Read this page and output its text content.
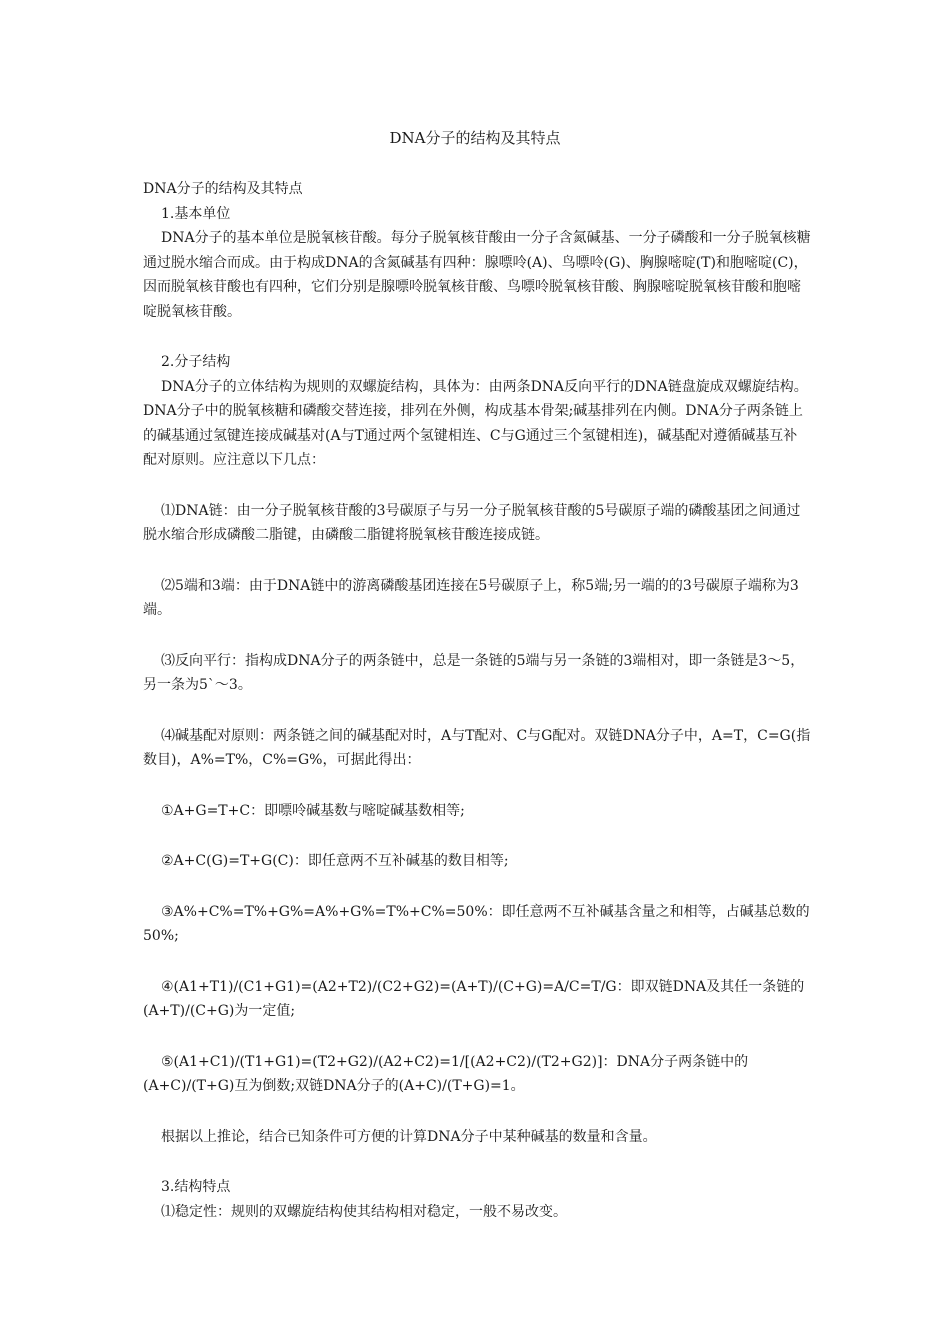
DNA分子的结构及其特点

DNA分子的结构及其特点

1.基本单位

DNA分子的基本单位是脱氧核苷酸。每分子脱氧核苷酸由一分子含氮碱基、一分子磷酸和一分子脱氧核糖通过脱水缩合而成。由于构成DNA的含氮碱基有四种：腺嘌呤(A)、鸟嘌呤(G)、胸腺嘧啶(T)和胞嘧啶(C)，因而脱氧核苷酸也有四种，它们分别是腺嘌呤脱氧核苷酸、鸟嘌呤脱氧核苷酸、胸腺嘧啶脱氧核苷酸和胞嘧啶脱氧核苷酸。

2.分子结构

DNA分子的立体结构为规则的双螺旋结构，具体为：由两条DNA反向平行的DNA链盘旋成双螺旋结构。DNA分子中的脱氧核糖和磷酸交替连接，排列在外侧，构成基本骨架;碱基排列在内侧。DNA分子两条链上的碱基通过氢键连接成碱基对(A与T通过两个氢键相连、C与G通过三个氢键相连)，碱基配对遵循碱基互补配对原则。应注意以下几点：

⑴DNA链：由一分子脱氧核苷酸的3号碳原子与另一分子脱氧核苷酸的5号碳原子端的磷酸基团之间通过脱水缩合形成磷酸二脂键，由磷酸二脂键将脱氧核苷酸连接成链。

⑵5端和3端：由于DNA链中的游离磷酸基团连接在5号碳原子上，称5端;另一端的的3号碳原子端称为3端。

⑶反向平行：指构成DNA分子的两条链中，总是一条链的5端与另一条链的3端相对，即一条链是3～5，另一条为5`～3。

⑷碱基配对原则：两条链之间的碱基配对时，A与T配对、C与G配对。双链DNA分子中，A=T，C=G(指数目)，A%=T%，C%=G%，可据此得出：

①A+G=T+C：即嘌呤碱基数与嘧啶碱基数相等;

②A+C(G)=T+G(C)：即任意两不互补碱基的数目相等;

③A%+C%=T%+G%=A%+G%=T%+C%=50%：即任意两不互补碱基含量之和相等，占碱基总数的50%;

④(A1+T1)/(C1+G1)=(A2+T2)/(C2+G2)=(A+T)/(C+G)=A/C=T/G：即双链DNA及其任一条链的(A+T)/(C+G)为一定值;

⑤(A1+C1)/(T1+G1)=(T2+G2)/(A2+C2)=1/[(A2+C2)/(T2+G2)]：DNA分子两条链中的(A+C)/(T+G)互为倒数;双链DNA分子的(A+C)/(T+G)=1。

根据以上推论，结合已知条件可方便的计算DNA分子中某种碱基的数量和含量。

3.结构特点

⑴稳定性：规则的双螺旋结构使其结构相对稳定，一般不易改变。
